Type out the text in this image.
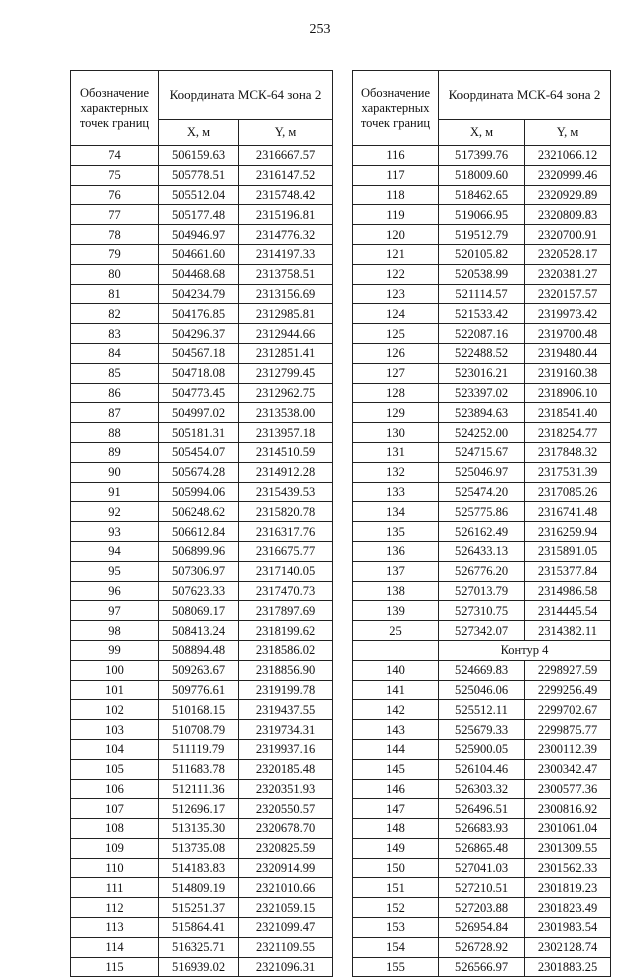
253
Обозначение характерных точек границ	Координата МСК-64 зона 2	
	X, м	Y, м
74	506159.63	2316667.57
75	505778.51	2316147.52
76	505512.04	2315748.42
77	505177.48	2315196.81
78	504946.97	2314776.32
79	504661.60	2314197.33
80	504468.68	2313758.51
81	504234.79	2313156.69
82	504176.85	2312985.81
83	504296.37	2312944.66
84	504567.18	2312851.41
85	504718.08	2312799.45
86	504773.45	2312962.75
87	504997.02	2313538.00
88	505181.31	2313957.18
89	505454.07	2314510.59
90	505674.28	2314912.28
91	505994.06	2315439.53
92	506248.62	2315820.78
93	506612.84	2316317.76
94	506899.96	2316675.77
95	507306.97	2317140.05
96	507623.33	2317470.73
97	508069.17	2317897.69
98	508413.24	2318199.62
99	508894.48	2318586.02
100	509263.67	2318856.90
101	509776.61	2319199.78
102	510168.15	2319437.55
103	510708.79	2319734.31
104	511119.79	2319937.16
105	511683.78	2320185.48
106	512111.36	2320351.93
107	512696.17	2320550.57
108	513135.30	2320678.70
109	513735.08	2320825.59
110	514183.83	2320914.99
111	514809.19	2321010.66
112	515251.37	2321059.15
113	515864.41	2321099.47
114	516325.71	2321109.55
115	516939.02	2321096.31
Обозначение характерных точек границ	Координата МСК-64 зона 2	
	X, м	Y, м
116	517399.76	2321066.12
117	518009.60	2320999.46
118	518462.65	2320929.89
119	519066.95	2320809.83
120	519512.79	2320700.91
121	520105.82	2320528.17
122	520538.99	2320381.27
123	521114.57	2320157.57
124	521533.42	2319973.42
125	522087.16	2319700.48
126	522488.52	2319480.44
127	523016.21	2319160.38
128	523397.02	2318906.10
129	523894.63	2318541.40
130	524252.00	2318254.77
131	524715.67	2317848.32
132	525046.97	2317531.39
133	525474.20	2317085.26
134	525775.86	2316741.48
135	526162.49	2316259.94
136	526433.13	2315891.05
137	526776.20	2315377.84
138	527013.79	2314986.58
139	527310.75	2314445.54
25	527342.07	2314382.11
	Контур 4	
140	524669.83	2298927.59
141	525046.06	2299256.49
142	525512.11	2299702.67
143	525679.33	2299875.77
144	525900.05	2300112.39
145	526104.46	2300342.47
146	526303.32	2300577.36
147	526496.51	2300816.92
148	526683.93	2301061.04
149	526865.48	2301309.55
150	527041.03	2301562.33
151	527210.51	2301819.23
152	527203.88	2301823.49
153	526954.84	2301983.54
154	526728.92	2302128.74
155	526566.97	2301883.25
